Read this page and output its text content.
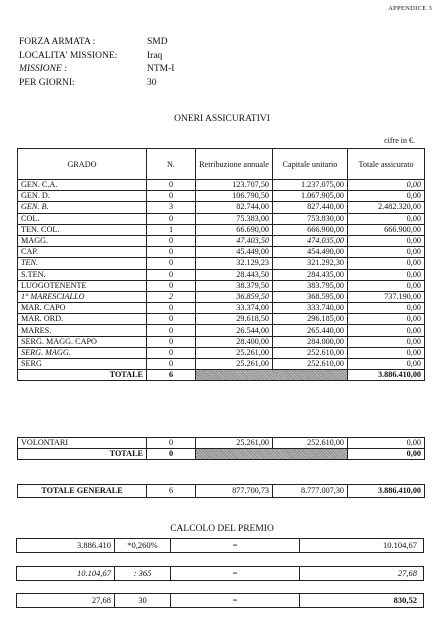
APPENDICE 3
FORZA ARMATA :	SMD
LOCALITA' MISSIONE:	Iraq
MISSIONE :	NTM-I
PER GIORNI:	30
ONERI ASSICURATIVI
cifre in €.
GRADO	N.	Retribuzione annuale	Capitale unitario	Totale assicurato
GEN. C.A.	0	123.707,50	1.237.075,00	0,00
GEN. D.	0	106.790,50	1.067.905,00	0,00
GEN. B.	3	82.744,00	827.440,00	2.482.320,00
COL.	0	75.383,00	753.830,00	0,00
TEN. COL.	1	66.690,00	666.900,00	666.900,00
MAGG.	0	47.403,50	474.035,00	0,00
CAP.	0	45.449,00	454.490,00	0,00
TEN.	0	32.129,23	321.292,30	0,00
S.TEN.	0	28.443,50	284.435,00	0,00
LUOGOTENENTE	0	38.379,50	383.795,00	0,00
1° MARESCIALLO	2	36.859,50	368.595,00	737.190,00
MAR. CAPO	0	33.374,00	333.740,00	0,00
MAR. ORD.	0	29.618,50	296.185,00	0,00
MARES.	0	26.544,00	265.440,00	0,00
SERG. MAGG. CAPO	0	28.400,00	284.000,00	0,00
SERG. MAGG.	0	25.261,00	252.610,00	0,00
SERG	0	25.261,00	252.610,00	0,00
TOTALE	6			3.886.410,00
VOLONTARI	0	25.261,00	252.610,00	0,00
TOTALE	0			0,00
TOTALE GENERALE	6	877.700,73	8.777.007,30	3.886.410,00
CALCOLO DEL PREMIO
3.886.410	*0,260%	=	10.104,67
10.104,67	: 365	=	27,68
27,68	30	=	830,52
